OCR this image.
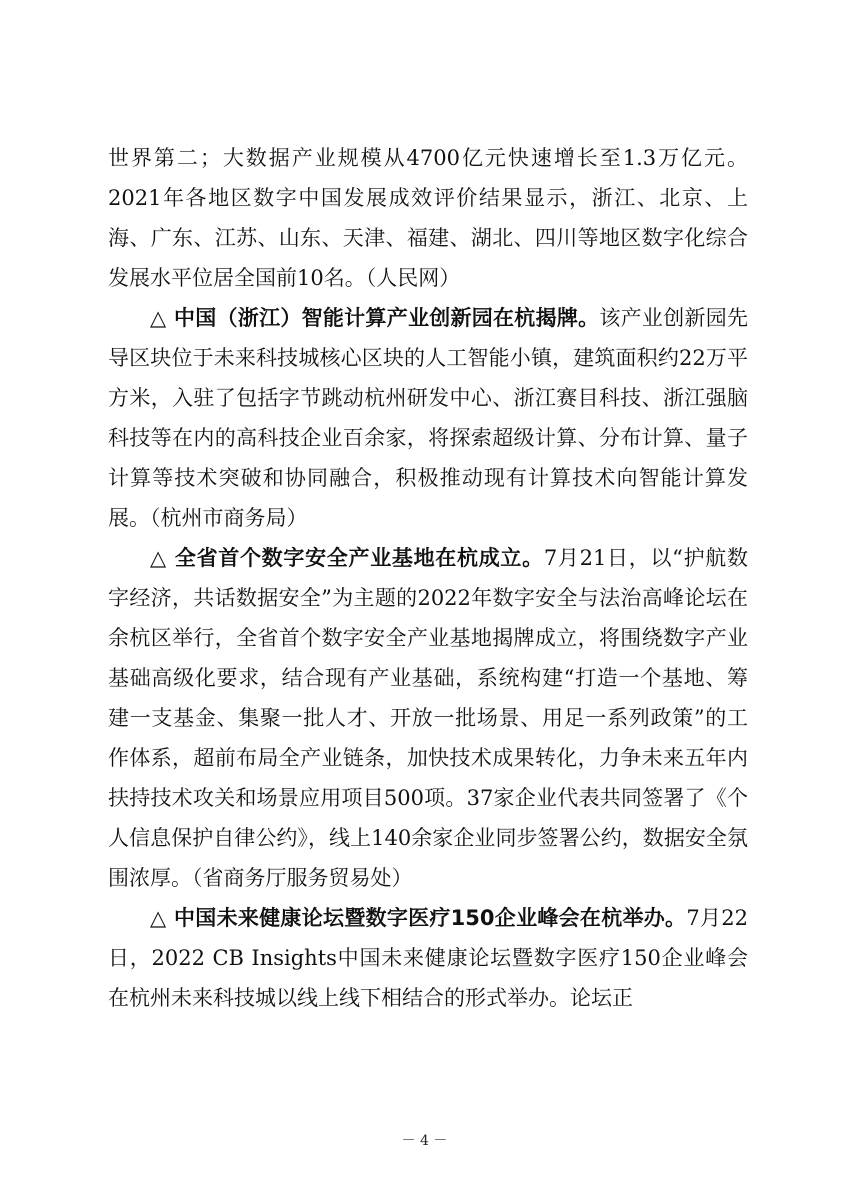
世界第二；大数据产业规模从4700亿元快速增长至1.3万亿元。2021年各地区数字中国发展成效评价结果显示，浙江、北京、上海、广东、江苏、山东、天津、福建、湖北、四川等地区数字化综合发展水平位居全国前10名。（人民网）

△ 中国（浙江）智能计算产业创新园在杭揭牌。该产业创新园先导区块位于未来科技城核心区块的人工智能小镇，建筑面积约22万平方米，入驻了包括字节跳动杭州研发中心、浙江赛目科技、浙江强脑科技等在内的高科技企业百余家，将探索超级计算、分布计算、量子计算等技术突破和协同融合，积极推动现有计算技术向智能计算发展。（杭州市商务局）

△ 全省首个数字安全产业基地在杭成立。7月21日，以“护航数字经济，共话数据安全”为主题的2022年数字安全与法治高峰论坛在余杭区举行，全省首个数字安全产业基地揭牌成立，将围绕数字产业基础高级化要求，结合现有产业基础，系统构建“打造一个基地、筹建一支基金、集聚一批人才、开放一批场景、用足一系列政策”的工作体系，超前布局全产业链条，加快技术成果转化，力争未来五年内扶持技术攻关和场景应用项目500项。37家企业代表共同签署了《个人信息保护自律公约》，线上140余家企业同步签署公约，数据安全氛围浓厚。（省商务厅服务贸易处）

△ 中国未来健康论坛暨数字医疗150企业峰会在杭举办。7月22日，2022 CB Insights中国未来健康论坛暨数字医疗150企业峰会在杭州未来科技城以线上线下相结合的形式举办。论坛正

－ 4 －
